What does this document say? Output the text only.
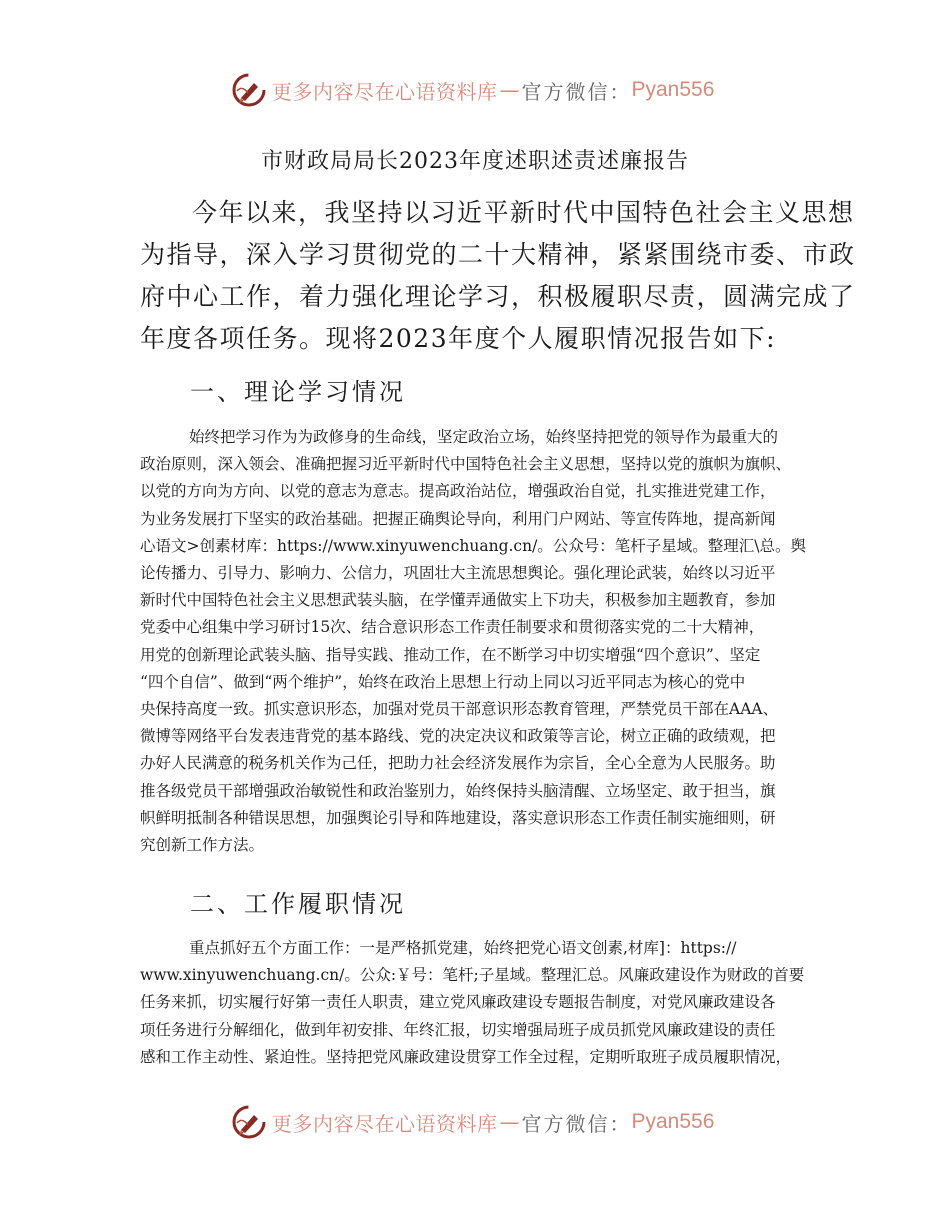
更多内容尽在心语资料库 — 官方微信： Pyan556
市财政局局长2023年度述职述责述廉报告
今年以来，我坚持以习近平新时代中国特色社会主义思想
为指导，深入学习贯彻党的二十大精神，紧紧围绕市委、市政
府中心工作，着力强化理论学习，积极履职尽责，圆满完成了
年度各项任务。现将2023年度个人履职情况报告如下:
一、理论学习情况
始终把学习作为为政修身的生命线，坚定政治立场，始终坚持把党的领导作为最重大的
政治原则，深入领会、准确把握习近平新时代中国特色社会主义思想，坚持以党的旗帜为旗帜、
以党的方向为方向、以党的意志为意志。提高政治站位，增强政治自觉，扎实推进党建工作，
为业务发展打下坚实的政治基础。把握正确舆论导向，利用门户网站、等宣传阵地，提高新闻
心语文>创素材库：https://www.xinyuwenchuang.cn/。公众号：笔杆子星域。整理汇\总。舆
论传播力、引导力、影响力、公信力，巩固壮大主流思想舆论。强化理论武装，始终以习近平
新时代中国特色社会主义思想武装头脑，在学懂弄通做实上下功夫，积极参加主题教育，参加
党委中心组集中学习研讨15次、结合意识形态工作责任制要求和贯彻落实党的二十大精神，
用党的创新理论武装头脑、指导实践、推动工作，在不断学习中切实增强“四个意识”、坚定
“四个自信”、做到“两个维护”，始终在政治上思想上行动上同以习近平同志为核心的党中
央保持高度一致。抓实意识形态，加强对党员干部意识形态教育管理，严禁党员干部在AAA、
微博等网络平台发表违背党的基本路线、党的决定决议和政策等言论，树立正确的政绩观，把
办好人民满意的税务机关作为己任，把助力社会经济发展作为宗旨，全心全意为人民服务。助
推各级党员干部增强政治敏锐性和政治鉴别力，始终保持头脑清醒、立场坚定、敢于担当，旗
帜鲜明抵制各种错误思想，加强舆论引导和阵地建设，落实意识形态工作责任制实施细则，研
究创新工作方法。
二、工作履职情况
重点抓好五个方面工作：一是严格抓党建，始终把党心语文创素,材库]：https://
www.xinyuwenchuang.cn/。公众:￥号：笔杆;子星域。整理汇总。风廉政建设作为财政的首要
任务来抓，切实履行好第一责任人职责，建立党风廉政建设专题报告制度，对党风廉政建设各
项任务进行分解细化，做到年初安排、年终汇报，切实增强局班子成员抓党风廉政建设的责任
感和工作主动性、紧迫性。坚持把党风廉政建设贯穿工作全过程，定期听取班子成员履职情况，
更多内容尽在心语资料库 — 官方微信： Pyan556
